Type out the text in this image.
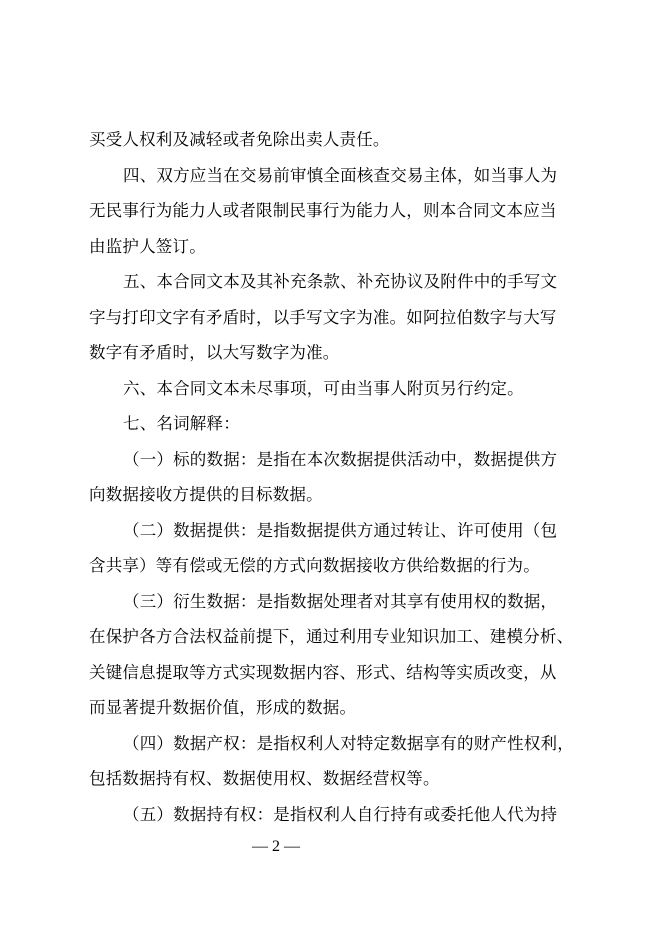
买受人权利及减轻或者免除出卖人责任。
四、双方应当在交易前审慎全面核查交易主体，如当事人为
无民事行为能力人或者限制民事行为能力人，则本合同文本应当
由监护人签订。
五、本合同文本及其补充条款、补充协议及附件中的手写文
字与打印文字有矛盾时，以手写文字为准。如阿拉伯数字与大写
数字有矛盾时，以大写数字为准。
六、本合同文本未尽事项，可由当事人附页另行约定。
七、名词解释：
（一）标的数据：是指在本次数据提供活动中，数据提供方
向数据接收方提供的目标数据。
（二）数据提供：是指数据提供方通过转让、许可使用（包
含共享）等有偿或无偿的方式向数据接收方供给数据的行为。
（三）衍生数据：是指数据处理者对其享有使用权的数据，
在保护各方合法权益前提下，通过利用专业知识加工、建模分析、
关键信息提取等方式实现数据内容、形式、结构等实质改变，从
而显著提升数据价值，形成的数据。
（四）数据产权：是指权利人对特定数据享有的财产性权利，
包括数据持有权、数据使用权、数据经营权等。
（五）数据持有权：是指权利人自行持有或委托他人代为持
— 2 —
